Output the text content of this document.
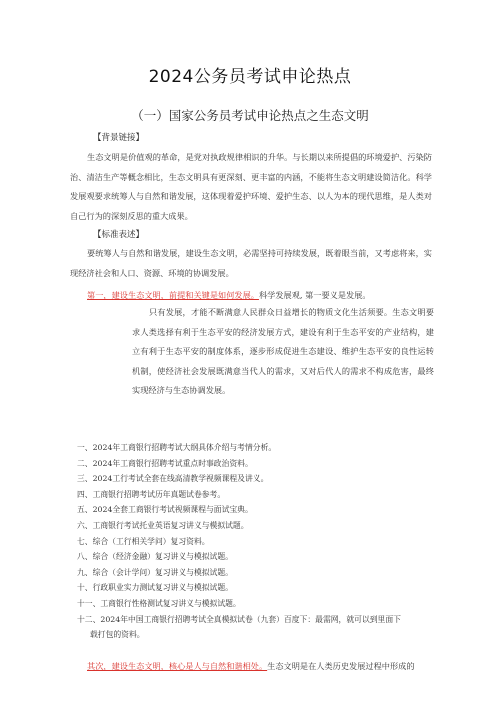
2024公务员考试申论热点
（一）国家公务员考试申论热点之生态文明
【背景链接】
生态文明是价值观的革命，是党对执政规律相识的升华。与长期以来所提倡的环境爱护、污染防治、清洁生产等概念相比，生态文明具有更深刻、更丰富的内涵，不能将生态文明建设简洁化。科学发展观要求统筹人与自然和谐发展，这体现着爱护环境、爱护生态、以人为本的现代思维，是人类对自己行为的深刻反思的重大成果。
【标准表述】
要统筹人与自然和谐发展，建设生态文明，必需坚持可持续发展，既着眼当前，又考虑将来，实现经济社会和人口、资源、环境的协调发展。
第一，建设生态文明，前提和关键是如何发展。科学发展观, 第一要义是发展。
只有发展，才能不断满意人民群众日益增长的物质文化生活须要。生态文明要求人类选择有利于生态平安的经济发展方式，建设有利于生态平安的产业结构，建立有利于生态平安的制度体系，逐步形成促进生态建设、维护生态平安的良性运转机制，使经济社会发展既满意当代人的需求，又对后代人的需求不构成危害，最终实现经济与生态协调发展。
一、2024年工商银行招聘考试大纲具体介绍与考情分析。
二、2024年工商银行招聘考试重点时事政治资料。
三、2024工行考试全套在线高清教学视频课程及讲义。
四、工商银行招聘考试历年真题试卷参考。
五、2024全套工商银行考试视频课程与面试宝典。
六、工商银行考试托业英语复习讲义与模拟试题。
七、综合（工行相关学问）复习资料。
八、综合（经济金融）复习讲义与模拟试题。
九、综合（会计学问）复习讲义与模拟试题。
十、行政职业实力测试复习讲义与模拟试题。
十一、工商银行性格测试复习讲义与模拟试题。
十二、2024年中国工商银行招聘考试全真模拟试卷（九套）百度下：最需网，就可以到里面下
载打包的资料。
其次，建设生态文明，核心是人与自然和谐相处。生态文明是在人类历史发展过程中形成的
